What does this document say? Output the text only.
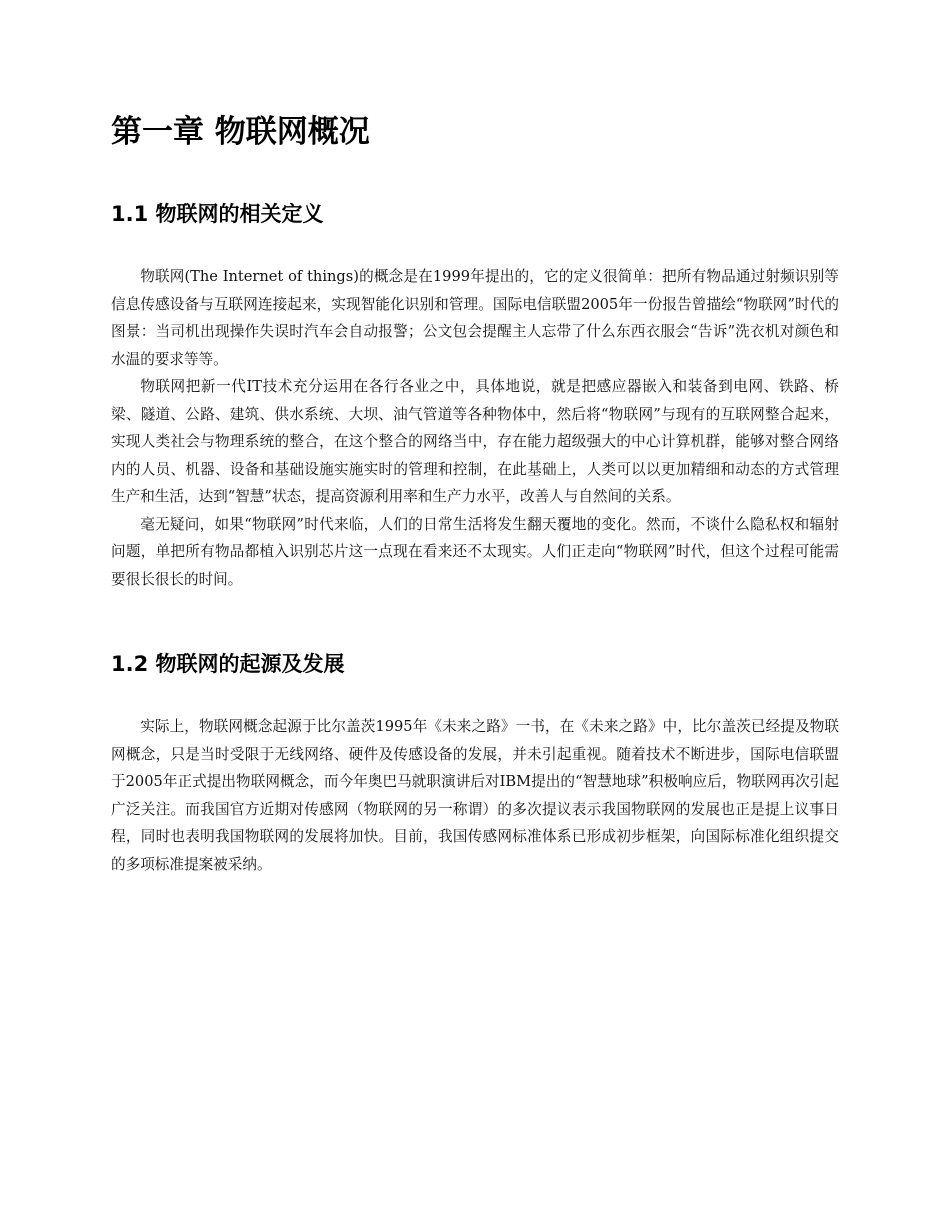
第一章 物联网概况
1.1 物联网的相关定义

物联网(The Internet of things)的概念是在1999年提出的，它的定义很简单：把所有物品通过射频识别等信息传感设备与互联网连接起来，实现智能化识别和管理。国际电信联盟2005年一份报告曾描绘“物联网”时代的图景：当司机出现操作失误时汽车会自动报警；公文包会提醒主人忘带了什么东西衣服会“告诉”洗衣机对颜色和水温的要求等等。

物联网把新一代IT技术充分运用在各行各业之中，具体地说，就是把感应器嵌入和装备到电网、铁路、桥梁、隧道、公路、建筑、供水系统、大坝、油气管道等各种物体中，然后将“物联网”与现有的互联网整合起来，实现人类社会与物理系统的整合，在这个整合的网络当中，存在能力超级强大的中心计算机群，能够对整合网络内的人员、机器、设备和基础设施实施实时的管理和控制，在此基础上，人类可以以更加精细和动态的方式管理生产和生活，达到“智慧”状态，提高资源利用率和生产力水平，改善人与自然间的关系。

毫无疑问，如果“物联网”时代来临，人们的日常生活将发生翻天覆地的变化。然而，不谈什么隐私权和辐射问题，单把所有物品都植入识别芯片这一点现在看来还不太现实。人们正走向“物联网”时代，但这个过程可能需要很长很长的时间。

1.2 物联网的起源及发展

实际上，物联网概念起源于比尔盖茨1995年《未来之路》一书，在《未来之路》中，比尔盖茨已经提及物联网概念，只是当时受限于无线网络、硬件及传感设备的发展，并未引起重视。随着技术不断进步，国际电信联盟于2005年正式提出物联网概念，而今年奥巴马就职演讲后对IBM提出的“智慧地球”积极响应后，物联网再次引起广泛关注。而我国官方近期对传感网（物联网的另一称谓）的多次提议表示我国物联网的发展也正是提上议事日程，同时也表明我国物联网的发展将加快。目前，我国传感网标准体系已形成初步框架，向国际标准化组织提交的多项标准提案被采纳。
